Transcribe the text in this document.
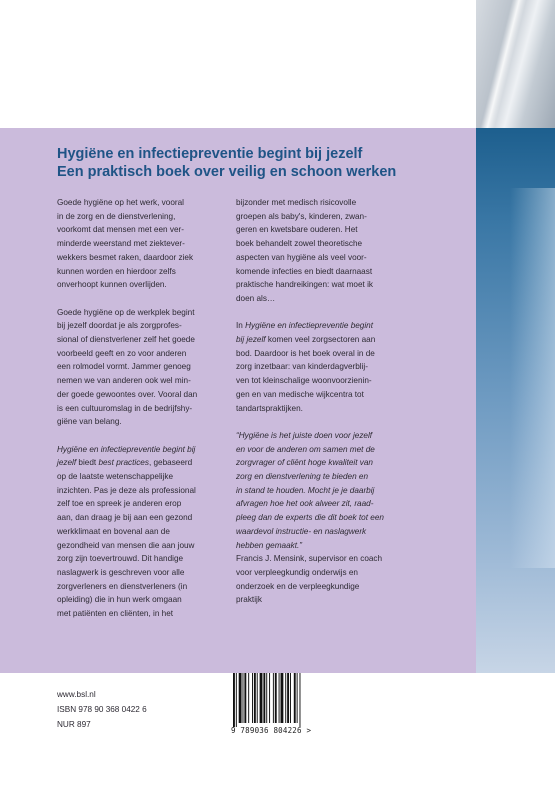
Hygiëne en infectiepreventie begint bij jezelf
Een praktisch boek over veilig en schoon werken

Goede hygiëne op het werk, vooral
in de zorg en de dienstverlening,
voorkomt dat mensen met een ver-
minderde weerstand met ziektever-
wekkers besmet raken, daardoor ziek
kunnen worden en hierdoor zelfs
onverhoopt kunnen overlijden.

Goede hygiëne op de werkplek begint
bij jezelf doordat je als zorgprofes-
sional of dienstverlener zelf het goede
voorbeeld geeft en zo voor anderen
een rolmodel vormt. Jammer genoeg
nemen we van anderen ook wel min-
der goede gewoontes over. Vooral dan
is een cultuuromslag in de bedrijfshy-
giëne van belang.

Hygiëne en infectiepreventie begint bij
jezelf biedt best practices, gebaseerd
op de laatste wetenschappelijke
inzichten. Pas je deze als professional
zelf toe en spreek je anderen erop
aan, dan draag je bij aan een gezond
werkklimaat en bovenal aan de
gezondheid van mensen die aan jouw
zorg zijn toevertrouwd. Dit handige
naslagwerk is geschreven voor alle
zorgverleners en dienstverleners (in
opleiding) die in hun werk omgaan
met patiënten en cliënten, in het

bijzonder met medisch risicovolle
groepen als baby's, kinderen, zwan-
geren en kwetsbare ouderen. Het
boek behandelt zowel theoretische
aspecten van hygiëne als veel voor-
komende infecties en biedt daarnaast
praktische handreikingen: wat moet ik
doen als…

In Hygiëne en infectiepreventie begint
bij jezelf komen veel zorgsectoren aan
bod. Daardoor is het boek overal in de
zorg inzetbaar: van kinderdagverblij-
ven tot kleinschalige woonvoorzienin-
gen en van medische wijkcentra tot
tandartspraktijken.

“Hygiëne is het juiste doen voor jezelf
en voor de anderen om samen met de
zorgvrager of cliënt hoge kwaliteit van
zorg en dienstverlening te bieden en
in stand te houden. Mocht je je daarbij
afvragen hoe het ook alweer zit, raad-
pleeg dan de experts die dit boek tot een
waardevol instructie- en naslagwerk
hebben gemaakt.”
Francis J. Mensink, supervisor en coach
voor verpleegkundig onderwijs en
onderzoek en de verpleegkundige
praktijk

www.bsl.nl
ISBN 978 90 368 0422 6
NUR 897
9 789036 804226 >
